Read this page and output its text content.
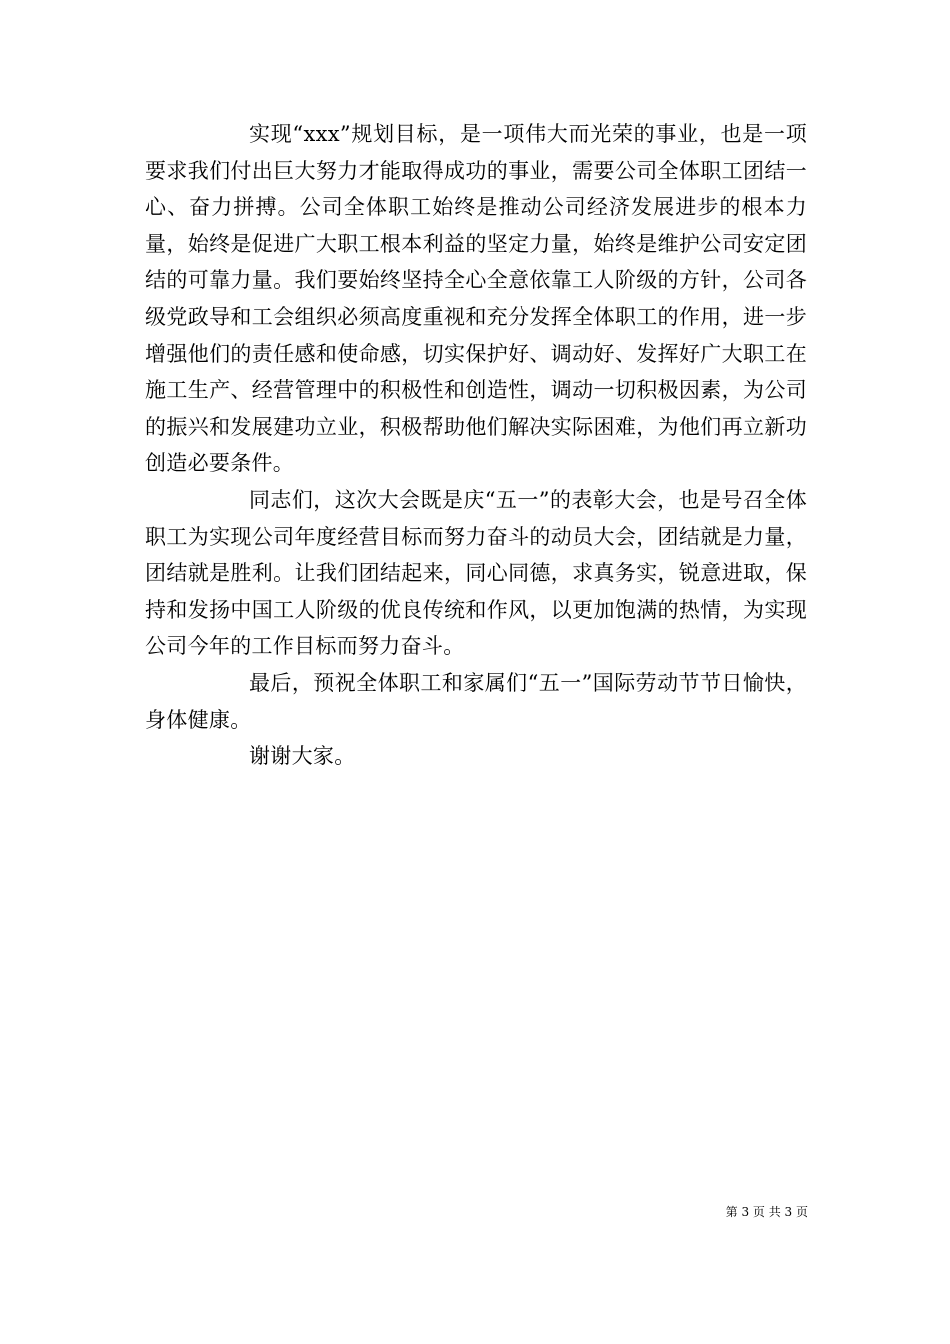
实现“xxx”规划目标，是一项伟大而光荣的事业，也是一项要求我们付出巨大努力才能取得成功的事业，需要公司全体职工团结一心、奋力拼搏。公司全体职工始终是推动公司经济发展进步的根本力量，始终是促进广大职工根本利益的坚定力量，始终是维护公司安定团结的可靠力量。我们要始终坚持全心全意依靠工人阶级的方针，公司各级党政导和工会组织必须高度重视和充分发挥全体职工的作用，进一步增强他们的责任感和使命感，切实保护好、调动好、发挥好广大职工在施工生产、经营管理中的积极性和创造性，调动一切积极因素，为公司的振兴和发展建功立业，积极帮助他们解决实际困难，为他们再立新功创造必要条件。

同志们，这次大会既是庆“五一”的表彰大会，也是号召全体职工为实现公司年度经营目标而努力奋斗的动员大会，团结就是力量，团结就是胜利。让我们团结起来，同心同德，求真务实，锐意进取，保持和发扬中国工人阶级的优良传统和作风，以更加饱满的热情，为实现公司今年的工作目标而努力奋斗。

最后，预祝全体职工和家属们“五一”国际劳动节节日愉快，身体健康。

谢谢大家。

第 3 页 共 3 页
